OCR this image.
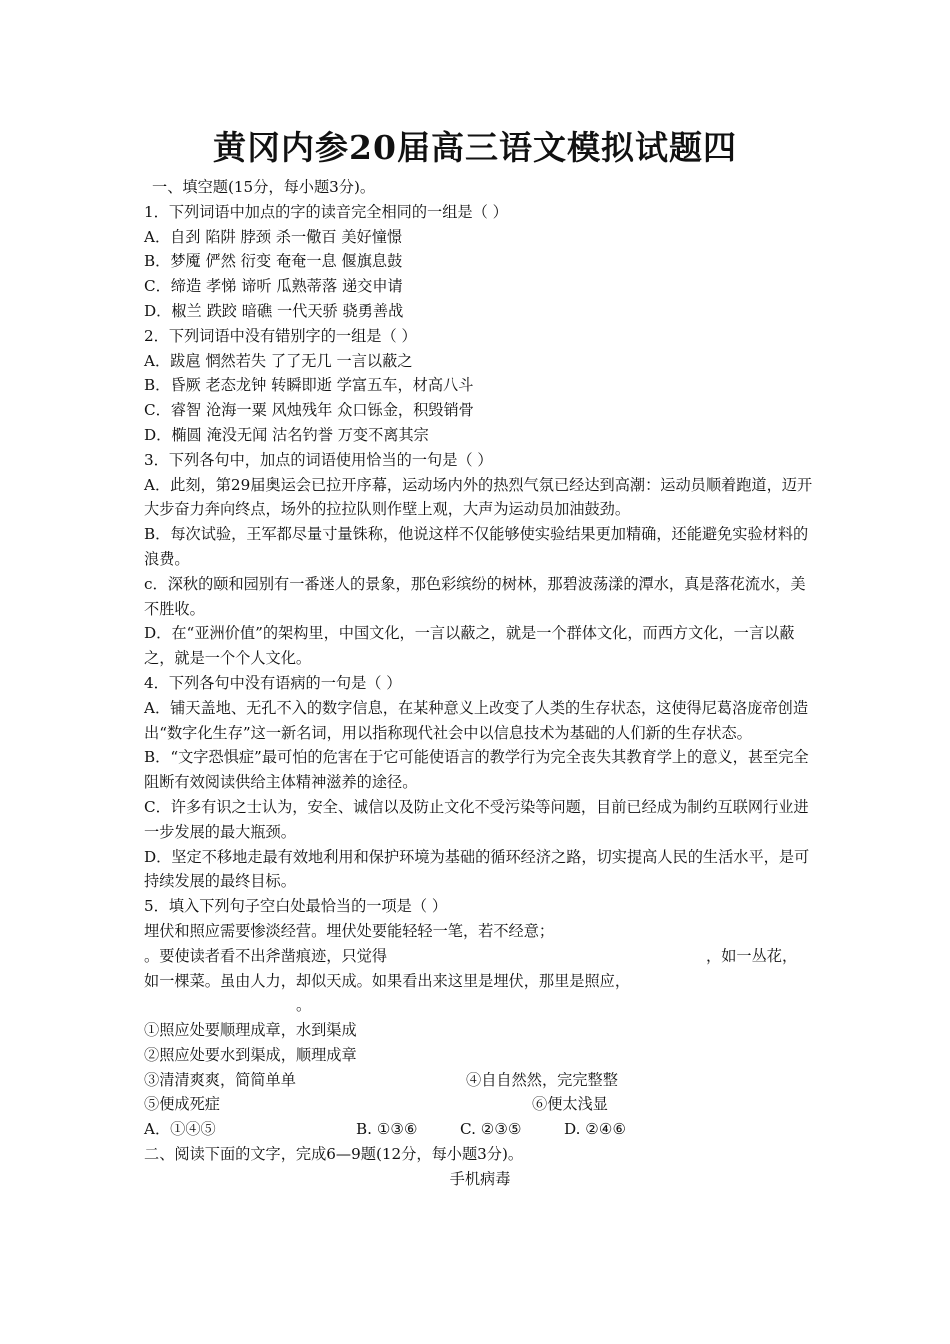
黄冈内参20届高三语文模拟试题四
一、填空题(15分，每小题3分)。
1．下列词语中加点的字的读音完全相同的一组是（ ）
A．自刭 陷阱 脖颈 杀一儆百 美好憧憬
B．梦魇 俨然 衍变 奄奄一息 偃旗息鼓
C．缔造 孝悌 谛听 瓜熟蒂落 递交申请
D．椒兰 跌跤 暗礁 一代天骄 骁勇善战
2．下列词语中没有错别字的一组是（ ）
A．跋扈 惘然若失 了了无几 一言以蔽之
B．昏厥 老态龙钟 转瞬即逝 学富五车，材高八斗
C．睿智 沧海一粟 风烛残年 众口铄金，积毁销骨
D．椭圆 淹没无闻 沽名钓誉 万变不离其宗
3．下列各句中，加点的词语使用恰当的一句是（ ）
A．此刻，第29届奥运会已拉开序幕，运动场内外的热烈气氛已经达到高潮：运动员顺着跑道，迈开大步奋力奔向终点，场外的拉拉队则作壁上观，大声为运动员加油鼓劲。
B．每次试验，王军都尽量寸量铢称，他说这样不仅能够使实验结果更加精确，还能避免实验材料的浪费。
c．深秋的颐和园别有一番迷人的景象，那色彩缤纷的树林，那碧波荡漾的潭水，真是落花流水，美不胜收。
D．在“亚洲价值”的架构里，中国文化，一言以蔽之，就是一个群体文化，而西方文化，一言以蔽之，就是一个个人文化。
4．下列各句中没有语病的一句是（ ）
A．铺天盖地、无孔不入的数字信息，在某种意义上改变了人类的生存状态，这使得尼葛洛庞帝创造出“数字化生存”这一新名词，用以指称现代社会中以信息技术为基础的人们新的生存状态。
B．“文字恐惧症”最可怕的危害在于它可能使语言的教学行为完全丧失其教育学上的意义，甚至完全阻断有效阅读供给主体精神滋养的途径。
C．许多有识之士认为，安全、诚信以及防止文化不受污染等问题，目前已经成为制约互联网行业进一步发展的最大瓶颈。
D．坚定不移地走最有效地利用和保护环境为基础的循环经济之路，切实提高人民的生活水平，是可持续发展的最终目标。
5．填入下列句子空白处最恰当的一项是（ ）
埋伏和照应需要惨淡经营。埋伏处要能轻轻一笔，若不经意；
。要使读者看不出斧凿痕迹，只觉得	，如一丛花，
如一棵菜。虽由人力，却似天成。如果看出来这里是埋伏，那里是照应，
。
①照应处要顺理成章，水到渠成
②照应处要水到渠成，顺理成章
③清清爽爽，简简单单	④自自然然，完完整整
⑤便成死症	⑥便太浅显
A．①④⑤	B. ①③⑥	C. ②③⑤	D. ②④⑥
二、阅读下面的文字，完成6—9题(12分，每小题3分)。
手机病毒
